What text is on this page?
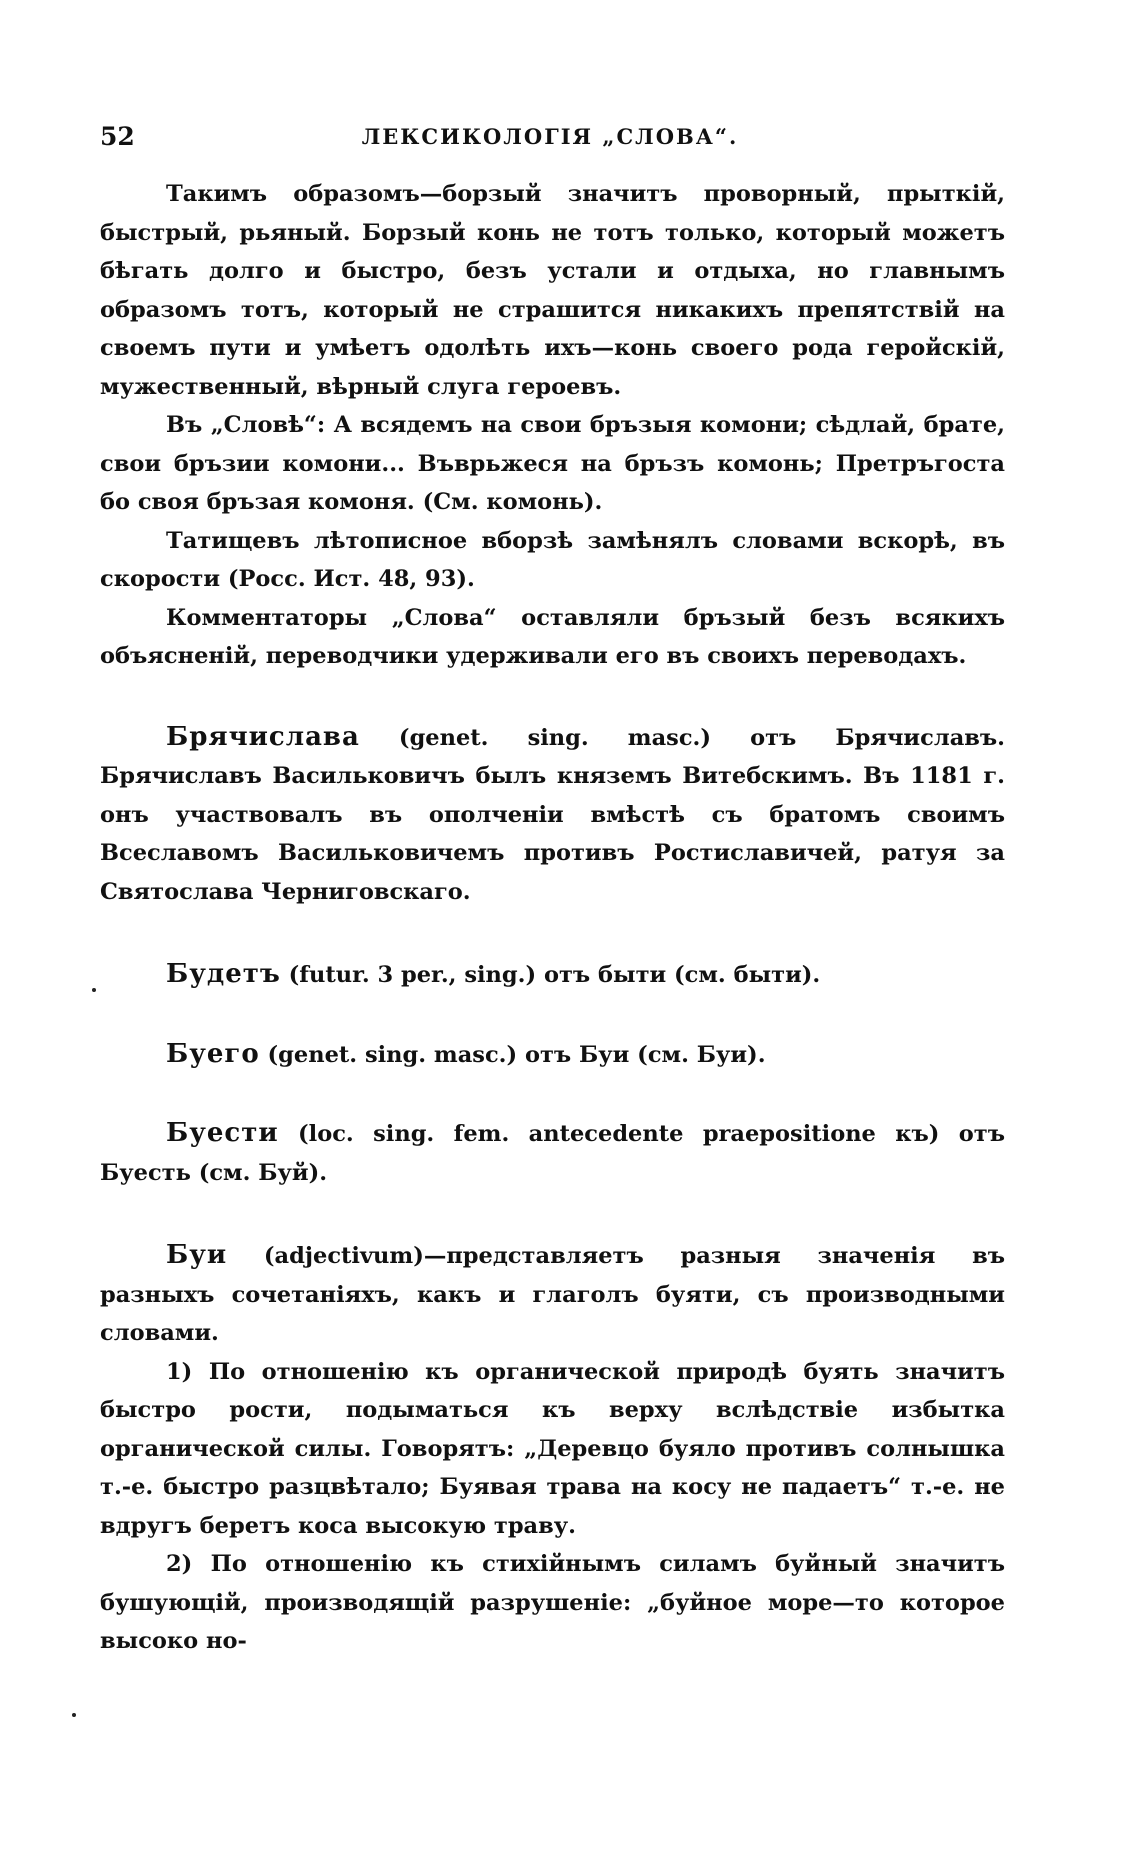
52	ЛЕКСИКОЛОГIЯ „СЛОВА“.

Такимъ образомъ—борзый значитъ проворный, прыткiй, быстрый, рьяный. Борзый конь не тотъ только, который можетъ бѣгать долго и быстро, безъ устали и отдыха, но главнымъ образомъ тотъ, который не страшится никакихъ препятствiй на своемъ пути и умѣетъ одолѣть ихъ—конь своего рода геройскiй, мужественный, вѣрный слуга героевъ.

Въ „Словѣ“: А всядемъ на свои бръзыя комони; сѣдлай, брате, свои бръзии комони... Въврьжеся на бръзъ комонь; Претръгоста бо своя бръзая комоня. (См. комонь).

Татищевъ лѣтописное вборзѣ замѣнялъ словами вскорѣ, въ скорости (Росс. Ист. 48, 93).

Комментаторы „Слова“ оставляли бръзый безъ всякихъ объясненiй, переводчики удерживали его въ своихъ переводахъ.

Брячислава (genet. sing. masc.) отъ Брячиславъ. Брячиславъ Васильковичъ былъ княземъ Витебскимъ. Въ 1181 г. онъ участвовалъ въ ополченiи вмѣстѣ съ братомъ своимъ Всеславомъ Васильковичемъ противъ Ростиславичей, ратуя за Святослава Черниговскаго.

Будетъ (futur. 3 per., sing.) отъ быти (см. быти).

Буего (genet. sing. masc.) отъ Буи (см. Буи).

Буести (loc. sing. fem. antecedente praepositione къ) отъ Буесть (см. Буй).

Буи (adjectivum)—представляетъ разныя значенiя въ разныхъ сочетанiяхъ, какъ и глаголъ буяти, съ производными словами.

1) По отношенiю къ органической природѣ буять значитъ быстро рости, подыматься къ верху вслѣдствiе избытка органической силы. Говорятъ: „Деревцо буяло противъ солнышка т.-е. быстро разцвѣтало; Буявая трава на косу не падаетъ“ т.-е. не вдругъ беретъ коса высокую траву.

2) По отношенiю къ стихiйнымъ силамъ буйный значитъ бушующiй, производящiй разрушенiе: „буйное море—то которое высоко но-
